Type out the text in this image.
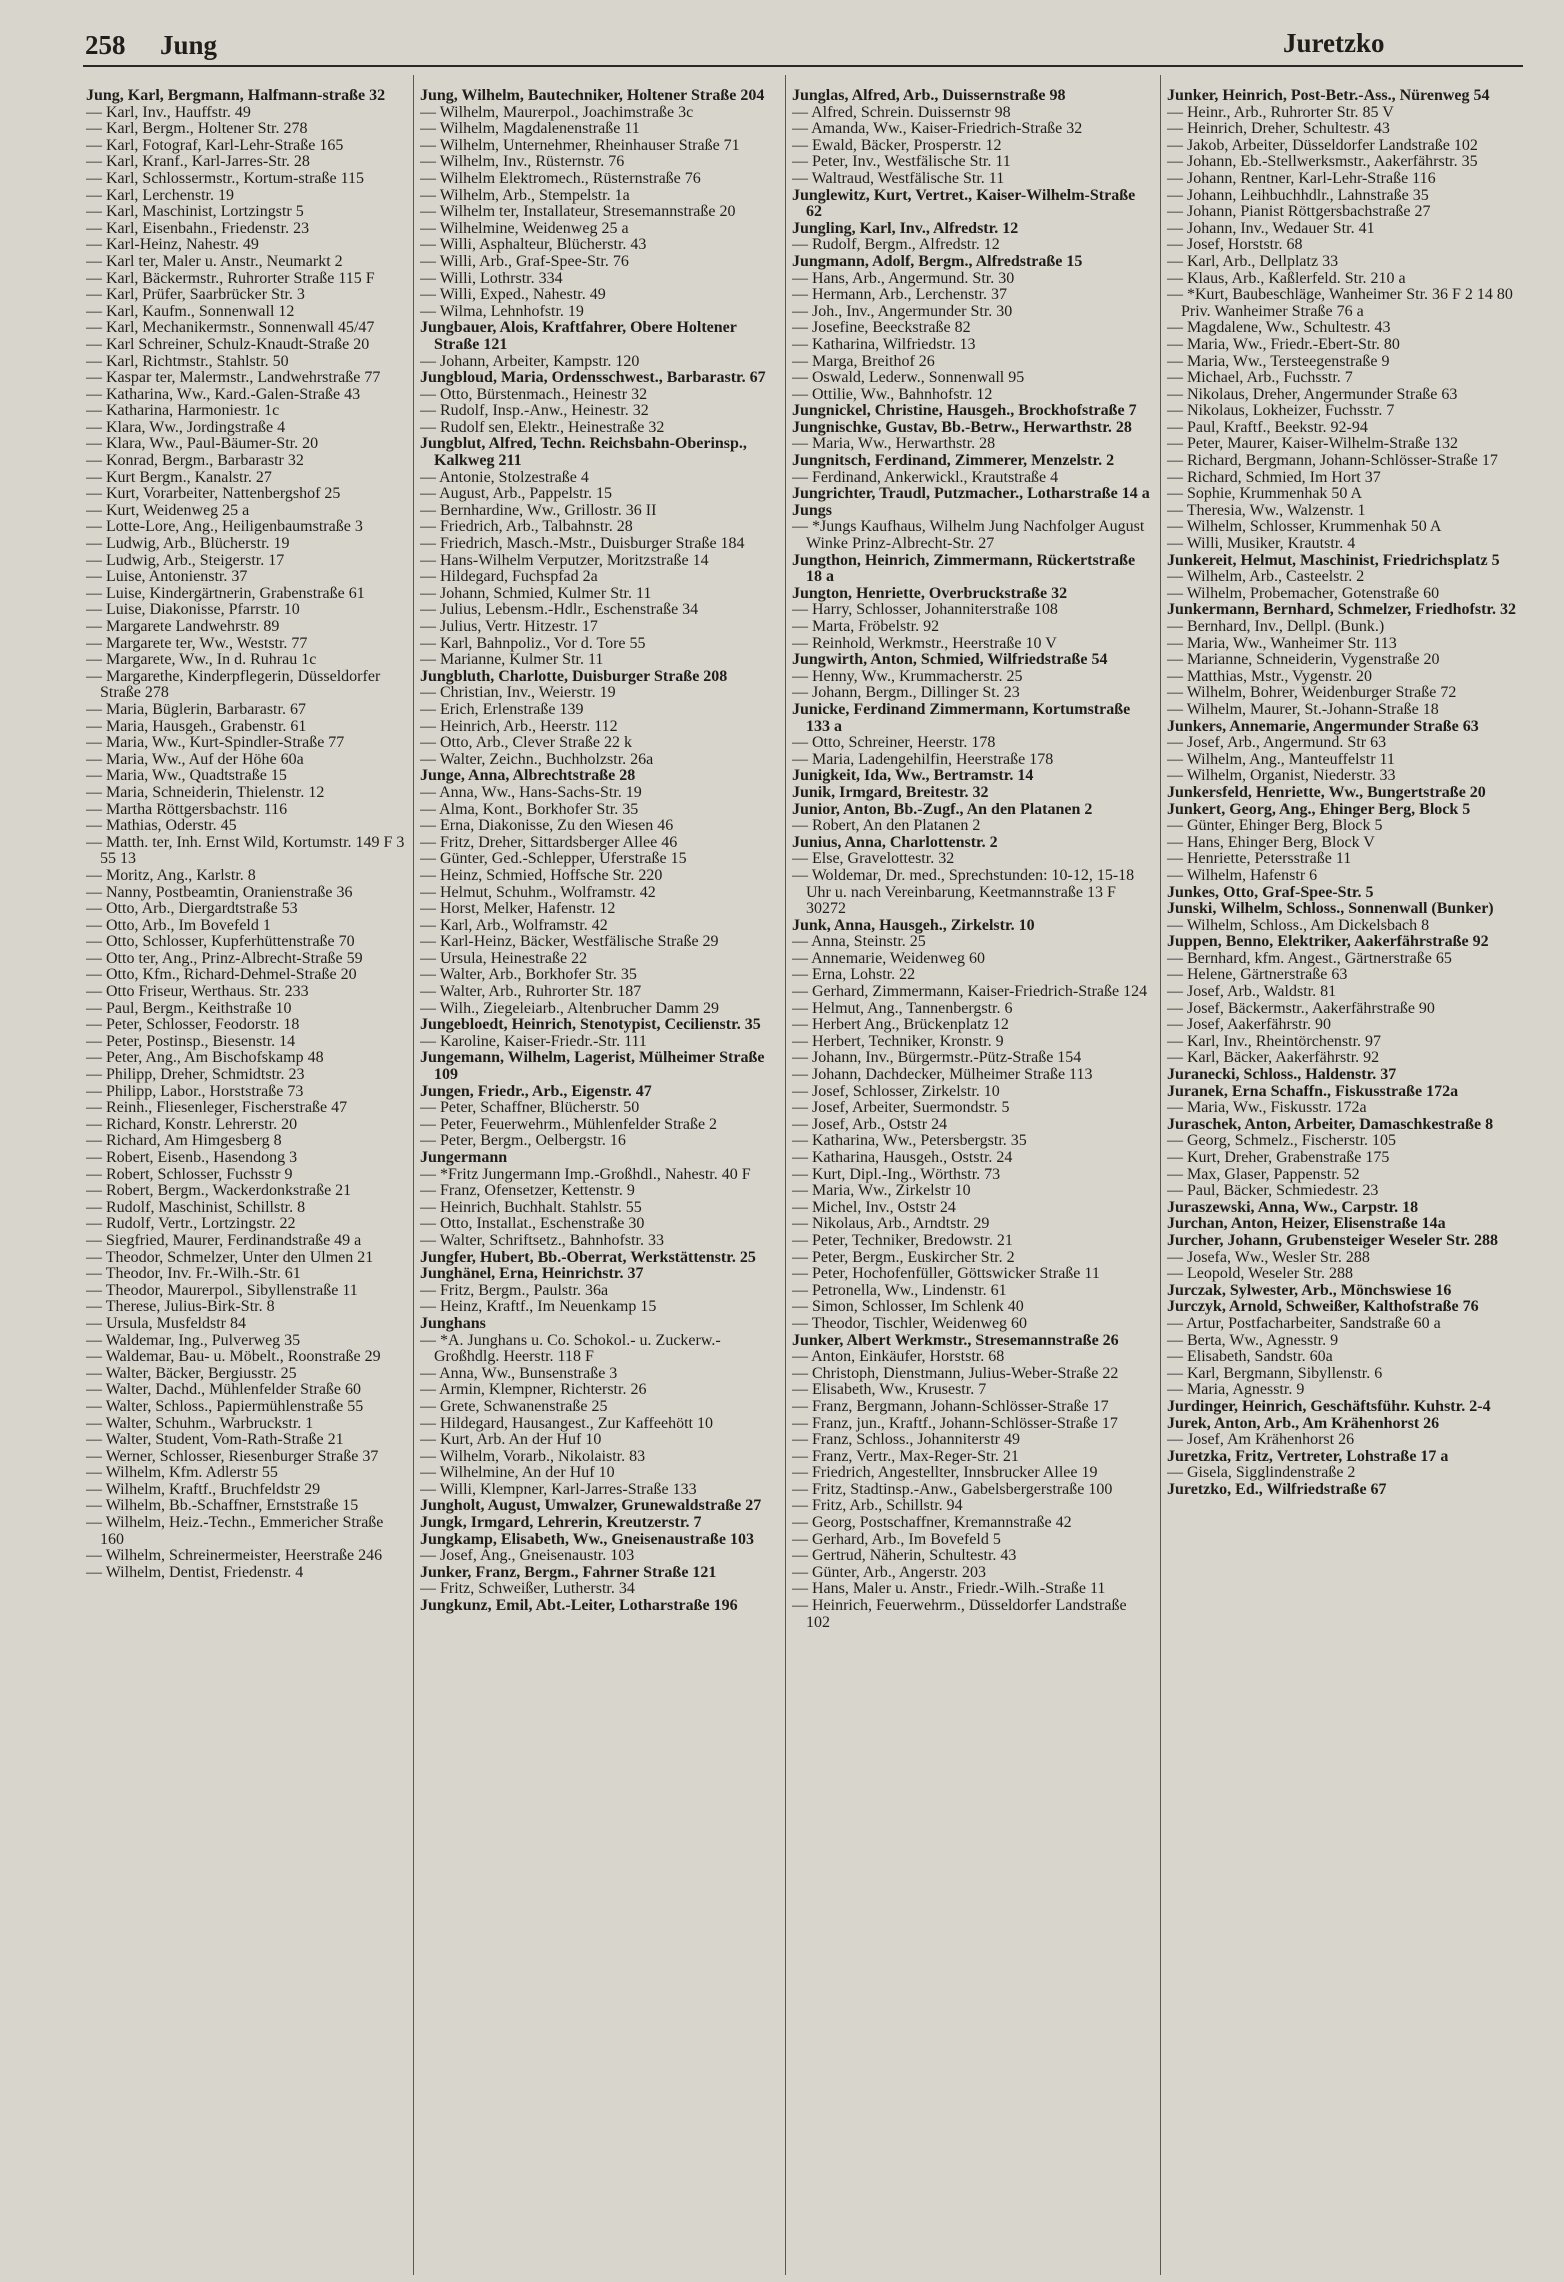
258 Jung	Juretzko
Jung, Karl, Bergmann, Halfmann-straße 32
— Karl, Inv., Hauffstr. 49
— Karl, Bergm., Holtener Str. 278
— Karl, Fotograf, Karl-Lehr-Straße 165
— Karl, Kranf., Karl-Jarres-Str. 28
— Karl, Schlossermstr., Kortum-straße 115
— Karl, Lerchenstr. 19
— Karl, Maschinist, Lortzingstr 5
— Karl, Eisenbahn., Friedenstr. 23
— Karl-Heinz, Nahestr. 49
— Karl ter, Maler u. Anstr., Neumarkt 2
— Karl, Bäckermstr., Ruhrorter Straße 115 F
— Karl, Prüfer, Saarbrücker Str. 3
— Karl, Kaufm., Sonnenwall 12
— Karl, Mechanikermstr., Sonnenwall 45/47
— Karl Schreiner, Schulz-Knaudt-Straße 20
— Karl, Richtmstr., Stahlstr. 50
— Kaspar ter, Malermstr., Landwehrstraße 77
— Katharina, Ww., Kard.-Galen-Straße 43
— Katharina, Harmoniestr. 1c
— Klara, Ww., Jordingstraße 4
— Klara, Ww., Paul-Bäumer-Str. 20
— Konrad, Bergm., Barbarastr 32
— Kurt Bergm., Kanalstr. 27
— Kurt, Vorarbeiter, Nattenbergshof 25
— Kurt, Weidenweg 25 a
— Lotte-Lore, Ang., Heiligenbaumstraße 3
— Ludwig, Arb., Blücherstr. 19
— Ludwig, Arb., Steigerstr. 17
— Luise, Antonienstr. 37
— Luise, Kindergärtnerin, Grabenstraße 61
— Luise, Diakonisse, Pfarrstr. 10
— Margarete Landwehrstr. 89
— Margarete ter, Ww., Weststr. 77
— Margarete, Ww., In d. Ruhrau 1c
— Margarethe, Kinderpflegerin, Düsseldorfer Straße 278
— Maria, Büglerin, Barbarastr. 67
— Maria, Hausgeh., Grabenstr. 61
— Maria, Ww., Kurt-Spindler-Straße 77
— Maria, Ww., Auf der Höhe 60a
— Maria, Ww., Quadtstraße 15
— Maria, Schneiderin, Thielenstr. 12
— Martha Röttgersbachstr. 116
— Mathias, Oderstr. 45
— Matth. ter, Inh. Ernst Wild, Kortumstr. 149 F 3 55 13
— Moritz, Ang., Karlstr. 8
— Nanny, Postbeamtin, Oranienstraße 36
— Otto, Arb., Diergardtstraße 53
— Otto, Arb., Im Bovefeld 1
— Otto, Schlosser, Kupferhüttenstraße 70
— Otto ter, Ang., Prinz-Albrecht-Straße 59
— Otto, Kfm., Richard-Dehmel-Straße 20
— Otto Friseur, Werthaus. Str. 233
— Paul, Bergm., Keithstraße 10
— Peter, Schlosser, Feodorstr. 18
— Peter, Postinsp., Biesenstr. 14
— Peter, Ang., Am Bischofskamp 48
— Philipp, Dreher, Schmidtstr. 23
— Philipp, Labor., Horststraße 73
— Reinh., Fliesenleger, Fischerstraße 47
— Richard, Konstr. Lehrerstr. 20
— Richard, Am Himgesberg 8
— Robert, Eisenb., Hasendong 3
— Robert, Schlosser, Fuchsstr 9
— Robert, Bergm., Wackerdonkstraße 21
— Rudolf, Maschinist, Schillstr. 8
— Rudolf, Vertr., Lortzingstr. 22
— Siegfried, Maurer, Ferdinandstraße 49 a
— Theodor, Schmelzer, Unter den Ulmen 21
— Theodor, Inv. Fr.-Wilh.-Str. 61
— Theodor, Maurerpol., Sibyllenstraße 11
— Therese, Julius-Birk-Str. 8
— Ursula, Musfeldstr 84
— Waldemar, Ing., Pulverweg 35
— Waldemar, Bau- u. Möbelt., Roonstraße 29
— Walter, Bäcker, Bergiusstr. 25
— Walter, Dachd., Mühlenfelder Straße 60
— Walter, Schloss., Papiermühlenstraße 55
— Walter, Schuhm., Warbruckstr. 1
— Walter, Student, Vom-Rath-Straße 21
— Werner, Schlosser, Riesenburger Straße 37
— Wilhelm, Kfm. Adlerstr 55
— Wilhelm, Kraftf., Bruchfeldstr 29
— Wilhelm, Bb.-Schaffner, Ernststraße 15
— Wilhelm, Heiz.-Techn., Emmericher Straße 160
— Wilhelm, Schreinermeister, Heerstraße 246
— Wilhelm, Dentist, Friedenstr. 4
Jung, Wilhelm, Bautechniker, Holtener Straße 204
— Wilhelm, Maurerpol., Joachimstraße 3c
— Wilhelm, Magdalenenstraße 11
— Wilhelm, Unternehmer, Rheinhauser Straße 71
— Wilhelm, Inv., Rüsternstr. 76
— Wilhelm Elektromech., Rüsternstraße 76
— Wilhelm, Arb., Stempelstr. 1a
— Wilhelm ter, Installateur, Stresemannstraße 20
— Wilhelmine, Weidenweg 25 a
— Willi, Asphalteur, Blücherstr. 43
— Willi, Arb., Graf-Spee-Str. 76
— Willi, Lothrstr. 334
— Willi, Exped., Nahestr. 49
— Wilma, Lehnhofstr. 19
Jungbauer, Alois, Kraftfahrer, Obere Holtener Straße 121
— Johann, Arbeiter, Kampstr. 120
Jungbloud, Maria, Ordensschwest., Barbarastr. 67
— Otto, Bürstenmach., Heinestr 32
— Rudolf, Insp.-Anw., Heinestr. 32
— Rudolf sen, Elektr., Heinestraße 32
Jungblut, Alfred, Techn. Reichsbahn-Oberinsp., Kalkweg 211
— Antonie, Stolzestraße 4
— August, Arb., Pappelstr. 15
— Bernhardine, Ww., Grillostr. 36 II
— Friedrich, Arb., Talbahnstr. 28
— Friedrich, Masch.-Mstr., Duisburger Straße 184
— Hans-Wilhelm Verputzer, Moritzstraße 14
— Hildegard, Fuchspfad 2a
— Johann, Schmied, Kulmer Str. 11
— Julius, Lebensm.-Hdlr., Eschenstraße 34
— Julius, Vertr. Hitzestr. 17
— Karl, Bahnpoliz., Vor d. Tore 55
— Marianne, Kulmer Str. 11
Jungbluth, Charlotte, Duisburger Straße 208
— Christian, Inv., Weierstr. 19
— Erich, Erlenstraße 139
— Heinrich, Arb., Heerstr. 112
— Otto, Arb., Clever Straße 22 k
— Walter, Zeichn., Buchholzstr. 26a
Junge, Anna, Albrechtstraße 28
— Anna, Ww., Hans-Sachs-Str. 19
— Alma, Kont., Borkhofer Str. 35
— Erna, Diakonisse, Zu den Wiesen 46
— Fritz, Dreher, Sittardsberger Allee 46
— Günter, Ged.-Schlepper, Uferstraße 15
— Heinz, Schmied, Hoffsche Str. 220
— Helmut, Schuhm., Wolframstr. 42
— Horst, Melker, Hafenstr. 12
— Karl, Arb., Wolframstr. 42
— Karl-Heinz, Bäcker, Westfälische Straße 29
— Ursula, Heinestraße 22
— Walter, Arb., Borkhofer Str. 35
— Walter, Arb., Ruhrorter Str. 187
— Wilh., Ziegeleiarb., Altenbrucher Damm 29
Jungebloedt, Heinrich, Stenotypist, Cecilienstr. 35
— Karoline, Kaiser-Friedr.-Str. 111
Jungemann, Wilhelm, Lagerist, Mülheimer Straße 109
Jungen, Friedr., Arb., Eigenstr. 47
— Peter, Schaffner, Blücherstr. 50
— Peter, Feuerwehrm., Mühlenfelder Straße 2
— Peter, Bergm., Oelbergstr. 16
Jungermann
— *Fritz Jungermann Imp.-Großhdl., Nahestr. 40 F
— Franz, Ofensetzer, Kettenstr. 9
— Heinrich, Buchhalt. Stahlstr. 55
— Otto, Installat., Eschenstraße 30
— Walter, Schriftsetz., Bahnhofstr. 33
Jungfer, Hubert, Bb.-Oberrat, Werkstättenstr. 25
Junghänel, Erna, Heinrichstr. 37
— Fritz, Bergm., Paulstr. 36a
— Heinz, Kraftf., Im Neuenkamp 15
Junghans
— *A. Junghans u. Co. Schokol.- u. Zuckerw.-Großhdlg. Heerstr. 118 F
— Anna, Ww., Bunsenstraße 3
— Armin, Klempner, Richterstr. 26
— Grete, Schwanenstraße 25
— Hildegard, Hausangest., Zur Kaffeehött 10
— Kurt, Arb. An der Huf 10
— Wilhelm, Vorarb., Nikolaistr. 83
— Wilhelmine, An der Huf 10
— Willi, Klempner, Karl-Jarres-Straße 133
Jungholt, August, Umwalzer, Grunewaldstraße 27
Jungk, Irmgard, Lehrerin, Kreutzerstr. 7
Jungkamp, Elisabeth, Ww., Gneisenaustraße 103
— Josef, Ang., Gneisenaustr. 103
Junker, Franz, Bergm., Fahrner Straße 121
— Fritz, Schweißer, Lutherstr. 34
Jungkunz, Emil, Abt.-Leiter, Lotharstraße 196
Junglas, Alfred, Arb., Duissernstraße 98
— Alfred, Schrein. Duissernstr 98
— Amanda, Ww., Kaiser-Friedrich-Straße 32
— Ewald, Bäcker, Prosperstr. 12
— Peter, Inv., Westfälische Str. 11
— Waltraud, Westfälische Str. 11
Junglewitz, Kurt, Vertret., Kaiser-Wilhelm-Straße 62
Jungling, Karl, Inv., Alfredstr. 12
— Rudolf, Bergm., Alfredstr. 12
Jungmann, Adolf, Bergm., Alfredstraße 15
— Hans, Arb., Angermund. Str. 30
— Hermann, Arb., Lerchenstr. 37
— Joh., Inv., Angermunder Str. 30
— Josefine, Beeckstraße 82
— Katharina, Wilfriedstr. 13
— Marga, Breithof 26
— Oswald, Lederw., Sonnenwall 95
— Ottilie, Ww., Bahnhofstr. 12
Jungnickel, Christine, Hausgeh., Brockhofstraße 7
Jungnischke, Gustav, Bb.-Betrw., Herwarthstr. 28
— Maria, Ww., Herwarthstr. 28
Jungnitsch, Ferdinand, Zimmerer, Menzelstr. 2
— Ferdinand, Ankerwickl., Krautstraße 4
Jungrichter, Traudl, Putzmacher., Lotharstraße 14 a
Jungs
— *Jungs Kaufhaus, Wilhelm Jung Nachfolger August Winke Prinz-Albrecht-Str. 27
Jungthon, Heinrich, Zimmermann, Rückertstraße 18 a
Jungton, Henriette, Overbruckstraße 32
— Harry, Schlosser, Johanniterstraße 108
— Marta, Fröbelstr. 92
— Reinhold, Werkmstr., Heerstraße 10 V
Jungwirth, Anton, Schmied, Wilfriedstraße 54
— Henny, Ww., Krummacherstr. 25
— Johann, Bergm., Dillinger St. 23
Junicke, Ferdinand Zimmermann, Kortumstraße 133 a
— Otto, Schreiner, Heerstr. 178
— Maria, Ladengehilfin, Heerstraße 178
Junigkeit, Ida, Ww., Bertramstr. 14
Junik, Irmgard, Breitestr. 32
Junior, Anton, Bb.-Zugf., An den Platanen 2
— Robert, An den Platanen 2
Junius, Anna, Charlottenstr. 2
— Else, Gravelottestr. 32
— Woldemar, Dr. med., Sprechstunden: 10-12, 15-18 Uhr u. nach Vereinbarung, Keetmannstraße 13 F 30272
Junk, Anna, Hausgeh., Zirkelstr. 10
— Anna, Steinstr. 25
— Annemarie, Weidenweg 60
— Erna, Lohstr. 22
— Gerhard, Zimmermann, Kaiser-Friedrich-Straße 124
— Helmut, Ang., Tannenbergstr. 6
— Herbert Ang., Brückenplatz 12
— Herbert, Techniker, Kronstr. 9
— Johann, Inv., Bürgermstr.-Pütz-Straße 154
— Johann, Dachdecker, Mülheimer Straße 113
— Josef, Schlosser, Zirkelstr. 10
— Josef, Arbeiter, Suermondstr. 5
— Josef, Arb., Oststr 24
— Katharina, Ww., Petersbergstr. 35
— Katharina, Hausgeh., Oststr. 24
— Kurt, Dipl.-Ing., Wörthstr. 73
— Maria, Ww., Zirkelstr 10
— Michel, Inv., Oststr 24
— Nikolaus, Arb., Arndtstr. 29
— Peter, Techniker, Bredowstr. 21
— Peter, Bergm., Euskircher Str. 2
— Peter, Hochofenfüller, Göttswicker Straße 11
— Petronella, Ww., Lindenstr. 61
— Simon, Schlosser, Im Schlenk 40
— Theodor, Tischler, Weidenweg 60
Junker, Albert Werkmstr., Stresemannstraße 26
— Anton, Einkäufer, Horststr. 68
— Christoph, Dienstmann, Julius-Weber-Straße 22
— Elisabeth, Ww., Krusestr. 7
— Franz, Bergmann, Johann-Schlösser-Straße 17
— Franz, jun., Kraftf., Johann-Schlösser-Straße 17
— Franz, Schloss., Johanniterstr 49
— Franz, Vertr., Max-Reger-Str. 21
— Friedrich, Angestellter, Innsbrucker Allee 19
— Fritz, Stadtinsp.-Anw., Gabelsbergerstraße 100
— Fritz, Arb., Schillstr. 94
— Georg, Postschaffner, Kremannstraße 42
— Gerhard, Arb., Im Bovefeld 5
— Gertrud, Näherin, Schultestr. 43
— Günter, Arb., Angerstr. 203
— Hans, Maler u. Anstr., Friedr.-Wilh.-Straße 11
— Heinrich, Feuerwehrm., Düsseldorfer Landstraße 102
Junker, Heinrich, Post-Betr.-Ass., Nürenweg 54
— Heinr., Arb., Ruhrorter Str. 85 V
— Heinrich, Dreher, Schultestr. 43
— Jakob, Arbeiter, Düsseldorfer Landstraße 102
— Johann, Eb.-Stellwerksmstr., Aakerfährstr. 35
— Johann, Rentner, Karl-Lehr-Straße 116
— Johann, Leihbuchhdlr., Lahnstraße 35
— Johann, Pianist Röttgersbachstraße 27
— Johann, Inv., Wedauer Str. 41
— Josef, Horststr. 68
— Karl, Arb., Dellplatz 33
— Klaus, Arb., Kaßlerfeld. Str. 210 a
— *Kurt, Baubeschläge, Wanheimer Str. 36 F 2 14 80 Priv. Wanheimer Straße 76 a
— Magdalene, Ww., Schultestr. 43
— Maria, Ww., Friedr.-Ebert-Str. 80
— Maria, Ww., Tersteegenstraße 9
— Michael, Arb., Fuchsstr. 7
— Nikolaus, Dreher, Angermunder Straße 63
— Nikolaus, Lokheizer, Fuchsstr. 7
— Paul, Kraftf., Beekstr. 92-94
— Peter, Maurer, Kaiser-Wilhelm-Straße 132
— Richard, Bergmann, Johann-Schlösser-Straße 17
— Richard, Schmied, Im Hort 37
— Sophie, Krummenhak 50 A
— Theresia, Ww., Walzenstr. 1
— Wilhelm, Schlosser, Krummenhak 50 A
— Willi, Musiker, Krautstr. 4
Junkereit, Helmut, Maschinist, Friedrichsplatz 5
— Wilhelm, Arb., Casteelstr. 2
— Wilhelm, Probemacher, Gotenstraße 60
Junkermann, Bernhard, Schmelzer, Friedhofstr. 32
— Bernhard, Inv., Dellpl. (Bunk.)
— Maria, Ww., Wanheimer Str. 113
— Marianne, Schneiderin, Vygenstraße 20
— Matthias, Mstr., Vygenstr. 20
— Wilhelm, Bohrer, Weidenburger Straße 72
— Wilhelm, Maurer, St.-Johann-Straße 18
Junkers, Annemarie, Angermunder Straße 63
— Josef, Arb., Angermund. Str 63
— Wilhelm, Ang., Manteuffelstr 11
— Wilhelm, Organist, Niederstr. 33
Junkersfeld, Henriette, Ww., Bungertstraße 20
Junkert, Georg, Ang., Ehinger Berg, Block 5
— Günter, Ehinger Berg, Block 5
— Hans, Ehinger Berg, Block V
— Henriette, Petersstraße 11
— Wilhelm, Hafenstr 6
Junkes, Otto, Graf-Spee-Str. 5
Junski, Wilhelm, Schloss., Sonnenwall (Bunker)
— Wilhelm, Schloss., Am Dickelsbach 8
Juppen, Benno, Elektriker, Aakerfährstraße 92
— Bernhard, kfm. Angest., Gärtnerstraße 65
— Helene, Gärtnerstraße 63
— Josef, Arb., Waldstr. 81
— Josef, Bäckermstr., Aakerfährstraße 90
— Josef, Aakerfährstr. 90
— Karl, Inv., Rheintörchenstr. 97
— Karl, Bäcker, Aakerfährstr. 92
Juranecki, Schloss., Haldenstr. 37
Juranek, Erna Schaffn., Fiskusstraße 172a
— Maria, Ww., Fiskusstr. 172a
Juraschek, Anton, Arbeiter, Damaschkestraße 8
— Georg, Schmelz., Fischerstr. 105
— Kurt, Dreher, Grabenstraße 175
— Max, Glaser, Pappenstr. 52
— Paul, Bäcker, Schmiedestr. 23
Juraszewski, Anna, Ww., Carpstr. 18
Jurchan, Anton, Heizer, Elisenstraße 14a
Jurcher, Johann, Grubensteiger Weseler Str. 288
— Josefa, Ww., Wesler Str. 288
— Leopold, Weseler Str. 288
Jurczak, Sylwester, Arb., Mönchswiese 16
Jurczyk, Arnold, Schweißer, Kalthofstraße 76
— Artur, Postfacharbeiter, Sandstraße 60 a
— Berta, Ww., Agnesstr. 9
— Elisabeth, Sandstr. 60a
— Karl, Bergmann, Sibyllenstr. 6
— Maria, Agnesstr. 9
Jurdinger, Heinrich, Geschäftsführ. Kuhstr. 2-4
Jurek, Anton, Arb., Am Krähenhorst 26
— Josef, Am Krähenhorst 26
Juretzka, Fritz, Vertreter, Lohstraße 17 a
— Gisela, Sigglindenstraße 2
Juretzko, Ed., Wilfriedstraße 67
